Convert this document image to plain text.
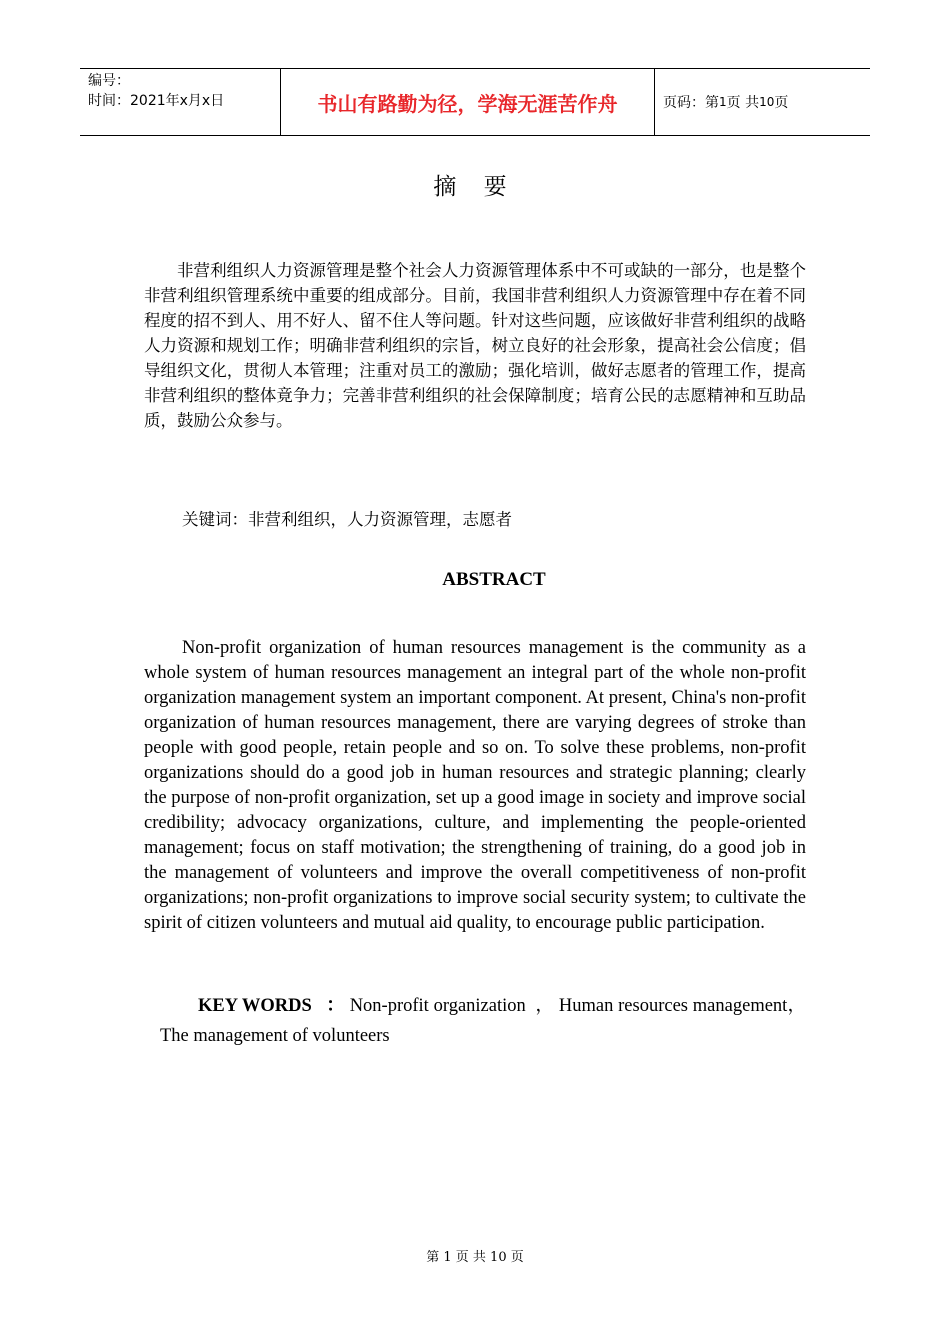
编号：
时间：2021年x月x日	书山有路勤为径，学海无涯苦作舟	页码：第 1 页 共 10 页
摘 要

非营利组织人力资源管理是整个社会人力资源管理体系中不可或缺的一部分，也是整个非营利组织管理系统中重要的组成部分。目前，我国非营利组织人力资源管理中存在着不同程度的招不到人、用不好人、留不住人等问题。针对这些问题，应该做好非营利组织的战略人力资源和规划工作；明确非营利组织的宗旨，树立良好的社会形象，提高社会公信度；倡导组织文化，贯彻人本管理；注重对员工的激励；强化培训，做好志愿者的管理工作，提高非营利组织的整体竟争力；完善非营利组织的社会保障制度；培育公民的志愿精神和互助品质，鼓励公众参与。

关键词：非营利组织，人力资源管理，志愿者
ABSTRACT

Non-profit organization of human resources management is the community as a whole system of human resources management an integral part of the whole non-profit organization management system an important component. At present, China's non-profit organization of human resources management, there are varying degrees of stroke than people with good people, retain people and so on. To solve these problems, non-profit organizations should do a good job in human resources and strategic planning; clearly the purpose of non-profit organization, set up a good image in society and improve social credibility; advocacy organizations, culture, and implementing the people-oriented management; focus on staff motivation; the strengthening of training, do a good job in the management of volunteers and improve the overall competitiveness of non-profit organizations; non-profit organizations to improve social security system; to cultivate the spirit of citizen volunteers and mutual aid quality, to encourage public participation.

KEY WORDS   ： Non-profit organization  ， Human resources management，The management of volunteers

第 1 页 共 10 页
